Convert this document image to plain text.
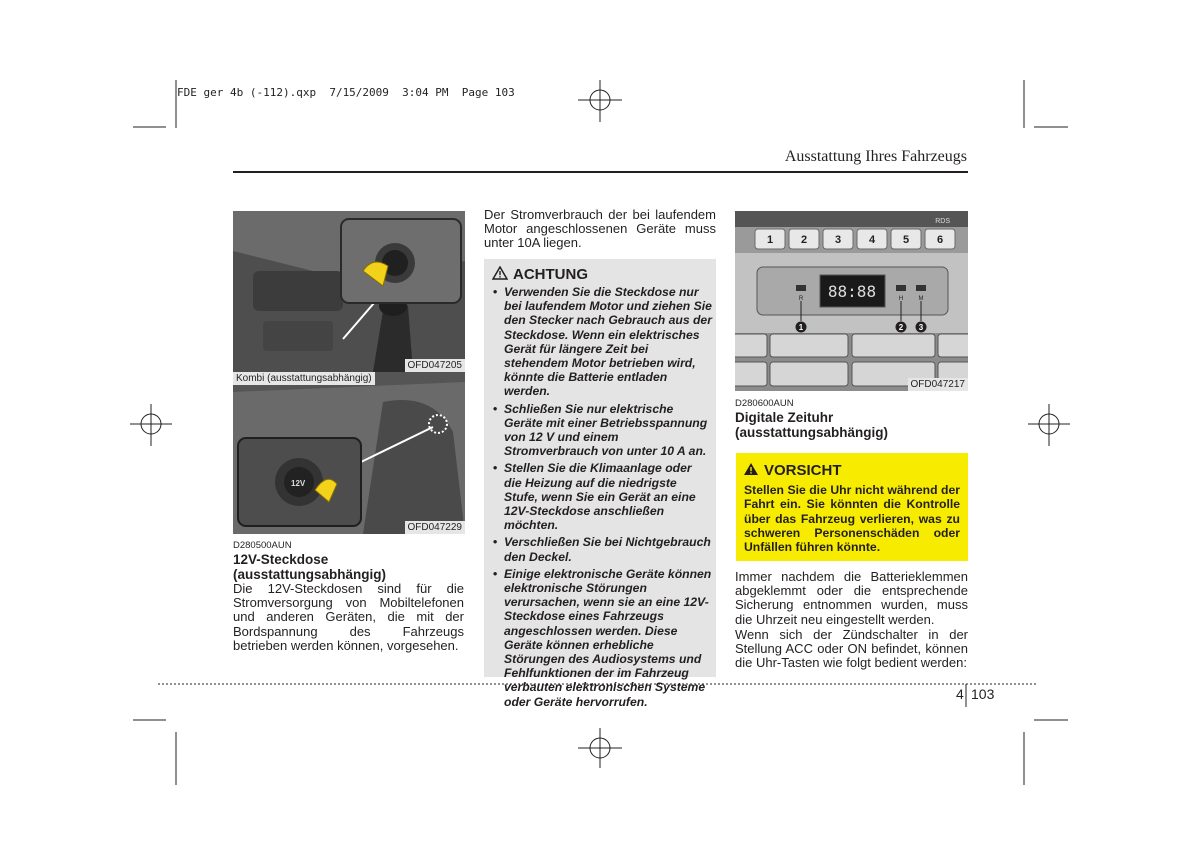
FDE ger 4b (-112).qxp  7/15/2009  3:04 PM  Page 103
Ausstattung Ihres Fahrzeugs
OFD047205
12V
Kombi (ausstattungsabhängig)
OFD047229
D280500AUN
12V-Steckdose
(ausstattungsabhängig)
Die 12V-Steckdosen sind für die Stromversorgung von Mobiltelefonen und anderen Geräten, die mit der Bordspannung des Fahrzeugs betrieben werden können, vorgesehen.
Der Stromverbrauch der bei laufendem Motor angeschlossenen Geräte muss unter 10A liegen.
ACHTUNG
• Verwenden Sie die Steckdose nur bei laufendem Motor und ziehen Sie den Stecker nach Gebrauch aus der Steckdose. Wenn ein elektrisches Gerät für längere Zeit bei stehendem Motor betrieben wird, könnte die Batterie entladen werden.
• Schließen Sie nur elektrische Geräte mit einer Betriebsspannung von 12 V und einem Stromverbrauch von unter 10 A an.
• Stellen Sie die Klimaanlage oder die Heizung auf die niedrigste Stufe, wenn Sie ein Gerät an eine 12V-Steckdose anschließen möchten.
• Verschließen Sie bei Nichtgebrauch den Deckel.
• Einige elektronische Geräte können elektronische Störungen verursachen, wenn sie an eine 12V-Steckdose eines Fahrzeugs angeschlossen werden. Diese Geräte können erhebliche Störungen des Audiosystems und Fehlfunktionen der im Fahrzeug verbauten elektronischen Systeme oder Geräte hervorrufen.
1	2	3	4	5	6
RDS
88:88
R	H	M
1	2 3
OFD047217
D280600AUN
Digitale Zeituhr
(ausstattungsabhängig)
VORSICHT
Stellen Sie die Uhr nicht während der Fahrt ein. Sie könnten die Kontrolle über das Fahrzeug verlieren, was zu schweren Personenschäden oder Unfällen führen könnte.
Immer nachdem die Batterieklemmen abgeklemmt oder die entsprechende Sicherung entnommen wurden, muss die Uhrzeit neu eingestellt werden.
Wenn sich der Zündschalter in der Stellung ACC oder ON befindet, können die Uhr-Tasten wie folgt bedient werden:
4 103
